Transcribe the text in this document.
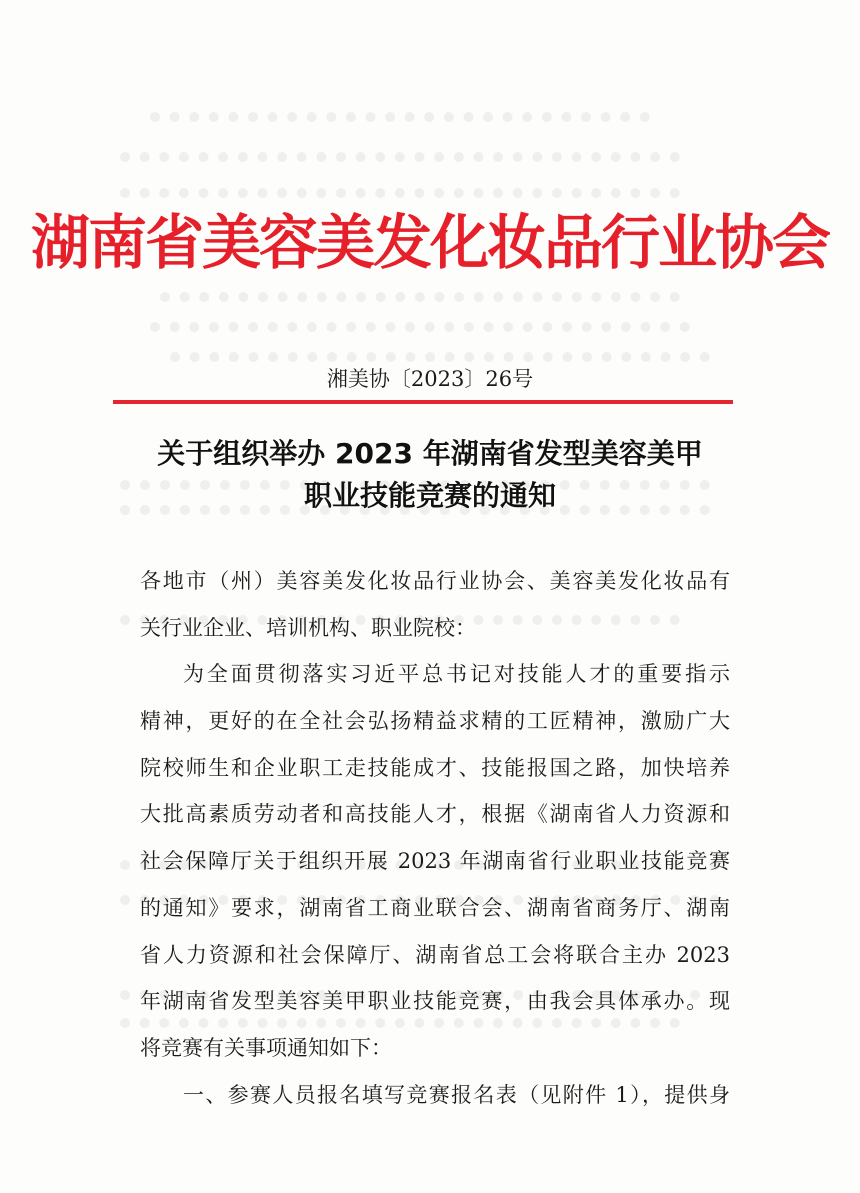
湖南省美容美发化妆品行业协会
湘美协〔2023〕26号
关于组织举办 2023 年湖南省发型美容美甲
职业技能竞赛的通知
各地市（州）美容美发化妆品行业协会、美容美发化妆品有
关行业企业、培训机构、职业院校：
为全面贯彻落实习近平总书记对技能人才的重要指示
精神，更好的在全社会弘扬精益求精的工匠精神，激励广大
院校师生和企业职工走技能成才、技能报国之路，加快培养
大批高素质劳动者和高技能人才，根据《湖南省人力资源和
社会保障厅关于组织开展 2023 年湖南省行业职业技能竞赛
的通知》要求，湖南省工商业联合会、湖南省商务厅、湖南
省人力资源和社会保障厅、湖南省总工会将联合主办 2023
年湖南省发型美容美甲职业技能竞赛，由我会具体承办。现
将竞赛有关事项通知如下：
一、参赛人员报名填写竞赛报名表（见附件 1），提供身
